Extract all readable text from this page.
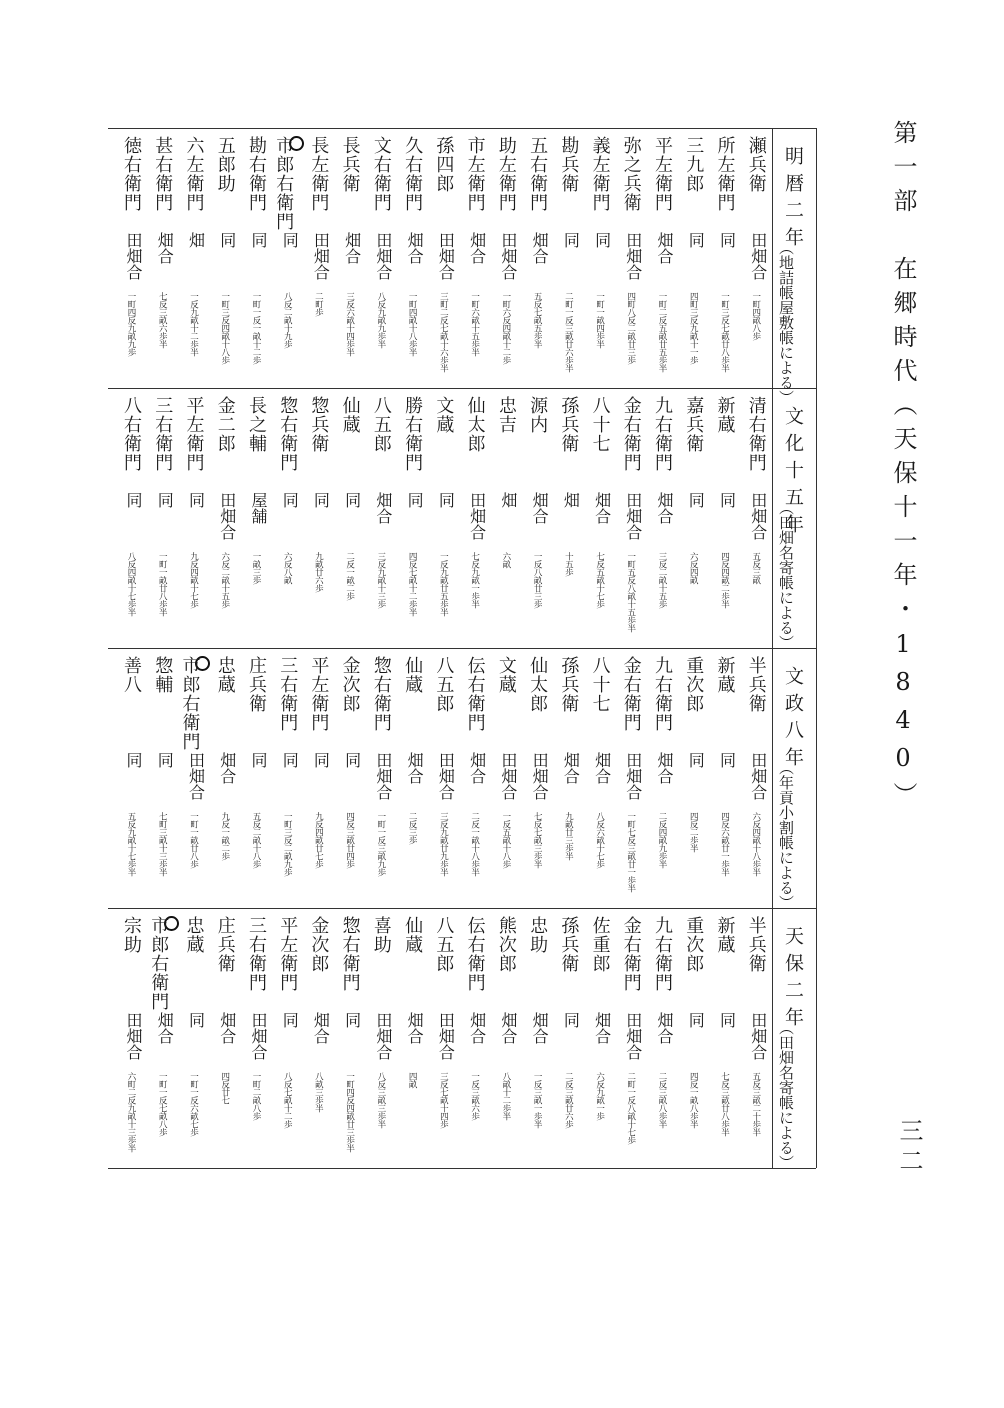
第一部　在郷時代（天保十一年・1840）
三二
明暦二年
（地詰帳屋敷帳による）
瀬兵衛
田畑合
一町四畝八歩
所左衛門
同
一町三反七畝廿八歩半
三九郎
同
四町三反九畝十一歩
平左衛門
畑合
一町二反五畝廿五歩半
弥之兵衛
田畑合
四町八反二畝廿三歩
義左衛門
同
一町一畝四歩半
勘兵衛
同
二町一反三畝廿六歩半
五右衛門
畑合
五反七畝五歩半
助左衛門
田畑合
一町六反四畝十二歩
市左衛門
畑合
一町六畝十五歩半
孫四郎
田畑合
三町二反七畝十六歩半
久右衛門
畑合
一町四畝十八歩半
文右衛門
田畑合
八反九畝九歩半
長兵衛
畑合
三反六畝十四歩半
長左衛門
田畑合
二町歩
市郎右衛門
同
八反二畝十九歩
勘右衛門
同
一町一反一畝十二歩
五郎助
同
一町三反四畝十八歩
六左衛門
畑
一反九畝十二歩半
甚右衛門
畑合
七反三畝六歩半
徳右衛門
田畑合
一町四反九畝九歩
文化十五年
（田畑名寄帳による）
清右衛門
田畑合
五反三畝
新蔵
同
四反四畝二歩半
嘉兵衛
同
六反四畝
九右衛門
畑合
三反二畝十五歩
金右衛門
田畑合
一町五反八畝十五歩半
八十七
畑合
七反五畝十七歩
孫兵衛
畑
十五歩
源内
畑合
一反八畝廿三歩
忠吉
畑
六畝
仙太郎
田畑合
七反九畝一歩半
文蔵
同
一反九畝廿五歩半
勝右衛門
同
四反七畝十二歩半
八五郎
畑合
三反九畝十三歩
仙蔵
同
二反一畝二歩
惣兵衛
同
九畝廿六歩
惣右衛門
同
六反八畝
長之輔
屋舗
一畝三歩
金二郎
田畑合
六反二畝十五歩
平左衛門
同
九反四畝十七歩
三右衛門
同
一町一畝廿八歩半
八右衛門
同
八反四畝十七歩半
文政八年
（年貢小割帳による）
半兵衛
田畑合
六反四畝十八歩半
新蔵
同
四反六畝廿一歩半
重次郎
同
四反二歩半
九右衛門
畑合
二反四畝九歩半
金右衛門
田畑合
一町七反三畝廿一歩半
八十七
畑合
八反六畝十七歩
孫兵衛
畑合
九畝廿三歩半
仙太郎
田畑合
七反七畝三歩半
文蔵
田畑合
一反五畝十八歩
伝右衛門
畑合
二反一畝十八歩半
八五郎
田畑合
三反九畝廿九歩半
仙蔵
畑合
二反三歩
惣右衛門
田畑合
一町一反三畝九歩
金次郎
同
四反三畝廿四歩
平左衛門
同
九反四畝廿七歩
三右衛門
同
一町三反二畝九歩
庄兵衛
同
五反二畝十八歩
忠蔵
畑合
九反一畝二歩
市郎右衛門
田畑合
一町一畝廿八歩
惣輔
同
七町三畝十三歩半
善八
同
五反九畝十七歩半
天保二年
（田畑名寄帳による）
半兵衛
田畑合
五反三畝二十歩半
新蔵
同
七反三畝廿八歩半
重次郎
同
四反一畝八歩半
九右衛門
畑合
二反三畝八歩半
金右衛門
田畑合
二町一反八畝十七歩
佐重郎
畑合
六反九畝一歩
孫兵衛
同
二反三畝廿六歩
忠助
畑合
一反三畝一歩半
熊次郎
畑合
八畝十二歩半
伝右衛門
畑合
一反三畝六歩
八五郎
田畑合
三反七畝十四歩
仙蔵
畑合
四畝
喜助
田畑合
八反三畝三歩半
惣右衛門
同
一町四反四畝廿三歩半
金次郎
畑合
八畝三歩半
平左衛門
同
八反七畝十二歩
三右衛門
田畑合
一町二畝八歩
庄兵衛
畑合
四反廿七
忠蔵
同
一町一反六畝七歩
市郎右衛門
畑合
一町一反七畝八歩
宗助
田畑合
六町二反九畝十三歩半
